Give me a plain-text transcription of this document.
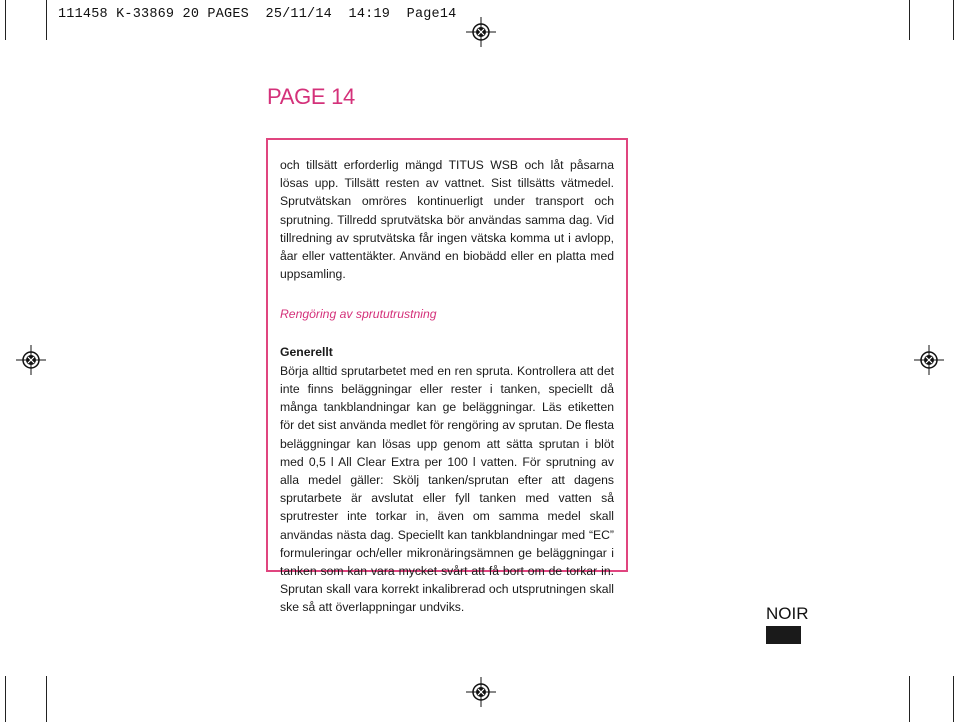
111458 K-33869 20 PAGES  25/11/14  14:19  Page14
PAGE 14

och tillsätt erforderlig mängd TITUS WSB och låt påsarna lösas upp. Tillsätt resten av vattnet. Sist tillsätts vätmedel. Sprutvätskan omröres kontinuerligt under transport och sprutning. Tillredd sprutvätska bör användas samma dag. Vid tillredning av sprutvätska får ingen vätska komma ut i avlopp, åar eller vattentäkter. Använd en biobädd eller en platta med uppsamling.

Rengöring av sprututrustning

Generellt

Börja alltid sprutarbetet med en ren spruta. Kontrollera att det inte finns beläggningar eller rester i tanken, speciellt då många tankblandningar kan ge beläggningar. Läs etiketten för det sist använda medlet för rengöring av sprutan. De flesta beläggningar kan lösas upp genom att sätta sprutan i blöt med 0,5 l All Clear Extra per 100 l vatten. För sprutning av alla medel gäller: Skölj tanken/sprutan efter att dagens sprutarbete är avslutat eller fyll tanken med vatten så sprutrester inte torkar in, även om samma medel skall användas nästa dag. Speciellt kan tankblandningar med “EC” formuleringar och/eller mikronäringsämnen ge beläggningar i tanken som kan vara mycket svårt att få bort om de torkar in. Sprutan skall vara korrekt inkalibrerad och utsprutningen skall ske så att överlappningar undviks.	NOIR
